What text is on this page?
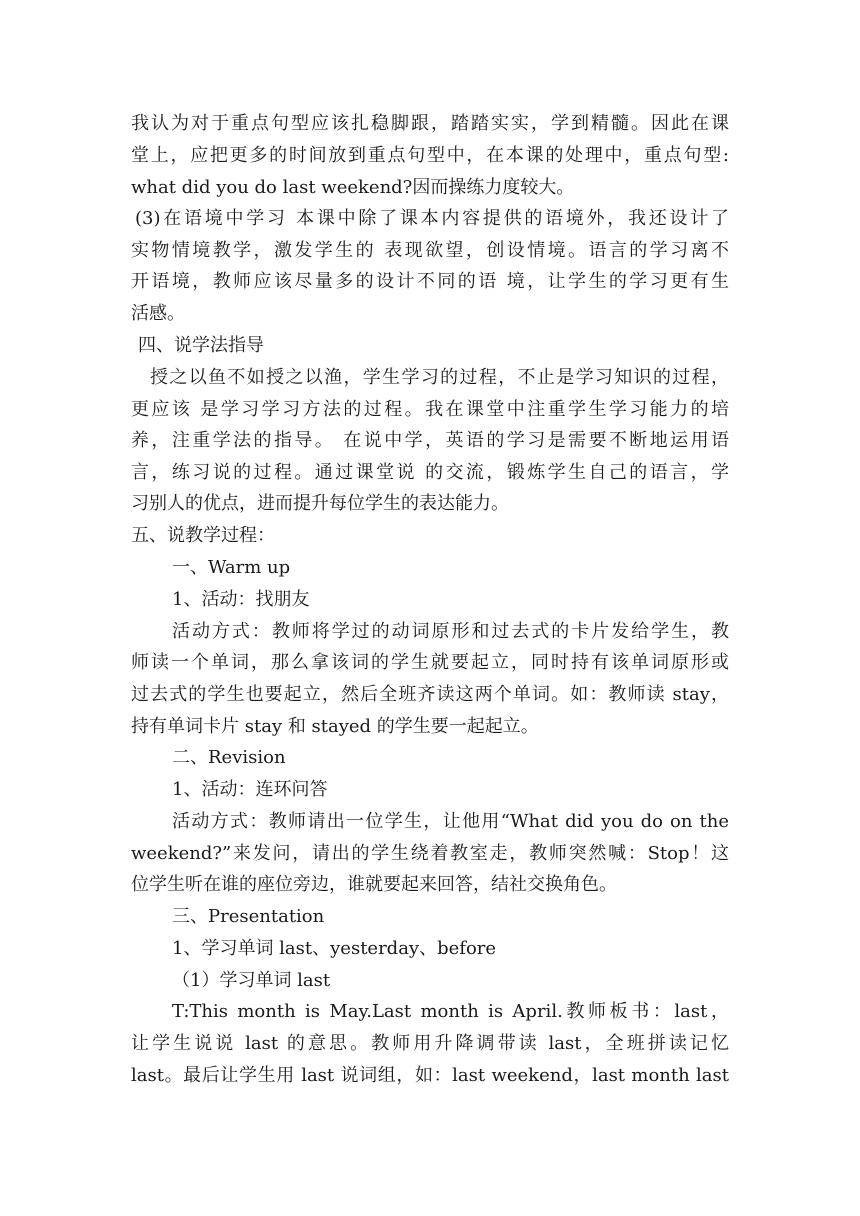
我认为对于重点句型应该扎稳脚跟，踏踏实实，学到精髓。因此在课
堂上，应把更多的时间放到重点句型中，在本课的处理中，重点句型:
what did you do last weekend?因而操练力度较大。
(3)在语境中学习 本课中除了课本内容提供的语境外，我还设计了
实物情境教学，激发学生的 表现欲望，创设情境。语言的学习离不
开语境，教师应该尽量多的设计不同的语 境，让学生的学习更有生
活感。
四、说学法指导
授之以鱼不如授之以渔，学生学习的过程，不止是学习知识的过程，
更应该 是学习学习方法的过程。我在课堂中注重学生学习能力的培
养，注重学法的指导。 在说中学，英语的学习是需要不断地运用语
言，练习说的过程。通过课堂说 的交流，锻炼学生自己的语言，学
习别人的优点，进而提升每位学生的表达能力。
五、说教学过程：
一、Warm up
1、活动：找朋友
活动方式：教师将学过的动词原形和过去式的卡片发给学生，教
师读一个单词，那么拿该词的学生就要起立，同时持有该单词原形或
过去式的学生也要起立，然后全班齐读这两个单词。如：教师读 stay，
持有单词卡片 stay 和 stayed 的学生要一起起立。
二、Revision
1、活动：连环问答
活动方式：教师请出一位学生，让他用“What did you do on the
weekend?”来发问，请出的学生绕着教室走，教师突然喊：Stop！这
位学生听在谁的座位旁边，谁就要起来回答，结社交换角色。
三、Presentation
1、学习单词 last、yesterday、before
（1）学习单词 last
T:This month is May.Last month is April.教师板书：last，
让学生说说 last 的意思。教师用升降调带读 last，全班拼读记忆
last。最后让学生用 last 说词组，如：last weekend，last month last
